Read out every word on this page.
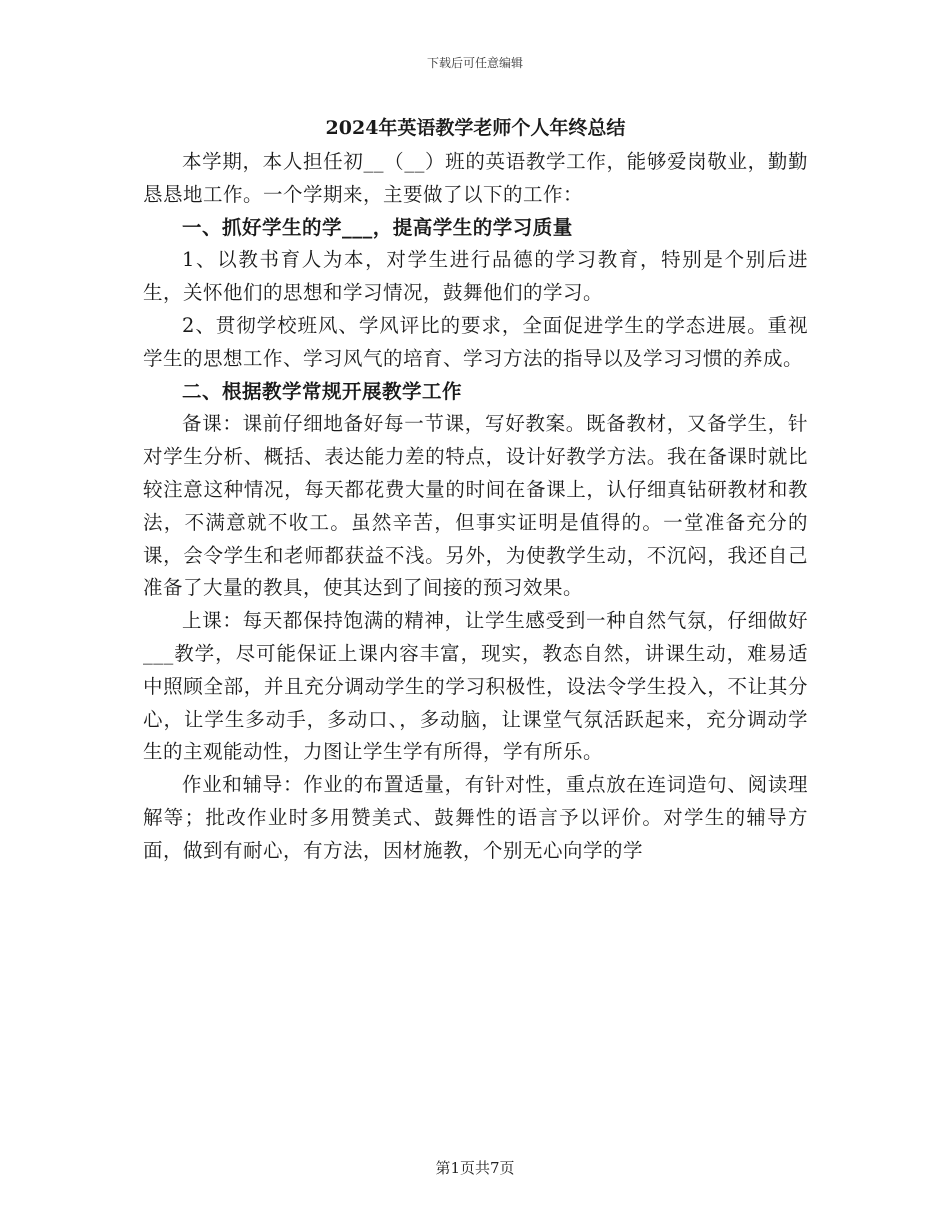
下载后可任意编辑
2024年英语教学老师个人年终总结

本学期，本人担任初__（__）班的英语教学工作，能够爱岗敬业，勤勤恳恳地工作。一个学期来，主要做了以下的工作：

一、抓好学生的学___，提高学生的学习质量

1、以教书育人为本，对学生进行品德的学习教育，特别是个别后进生，关怀他们的思想和学习情况，鼓舞他们的学习。

2、贯彻学校班风、学风评比的要求，全面促进学生的学态进展。重视学生的思想工作、学习风气的培育、学习方法的指导以及学习习惯的养成。

二、根据教学常规开展教学工作

备课：课前仔细地备好每一节课，写好教案。既备教材，又备学生，针对学生分析、概括、表达能力差的特点，设计好教学方法。我在备课时就比较注意这种情况，每天都花费大量的时间在备课上，认仔细真钻研教材和教法，不满意就不收工。虽然辛苦，但事实证明是值得的。一堂准备充分的课，会令学生和老师都获益不浅。另外，为使教学生动，不沉闷，我还自己准备了大量的教具，使其达到了间接的预习效果。

上课：每天都保持饱满的精神，让学生感受到一种自然气氛，仔细做好___教学，尽可能保证上课内容丰富，现实，教态自然，讲课生动，难易适中照顾全部，并且充分调动学生的学习积极性，设法令学生投入，不让其分心，让学生多动手，多动口、，多动脑，让课堂气氛活跃起来，充分调动学生的主观能动性，力图让学生学有所得，学有所乐。

作业和辅导：作业的布置适量，有针对性，重点放在连词造句、阅读理解等；批改作业时多用赞美式、鼓舞性的语言予以评价。对学生的辅导方面，做到有耐心，有方法，因材施教，个别无心向学的学

第1页共7页
